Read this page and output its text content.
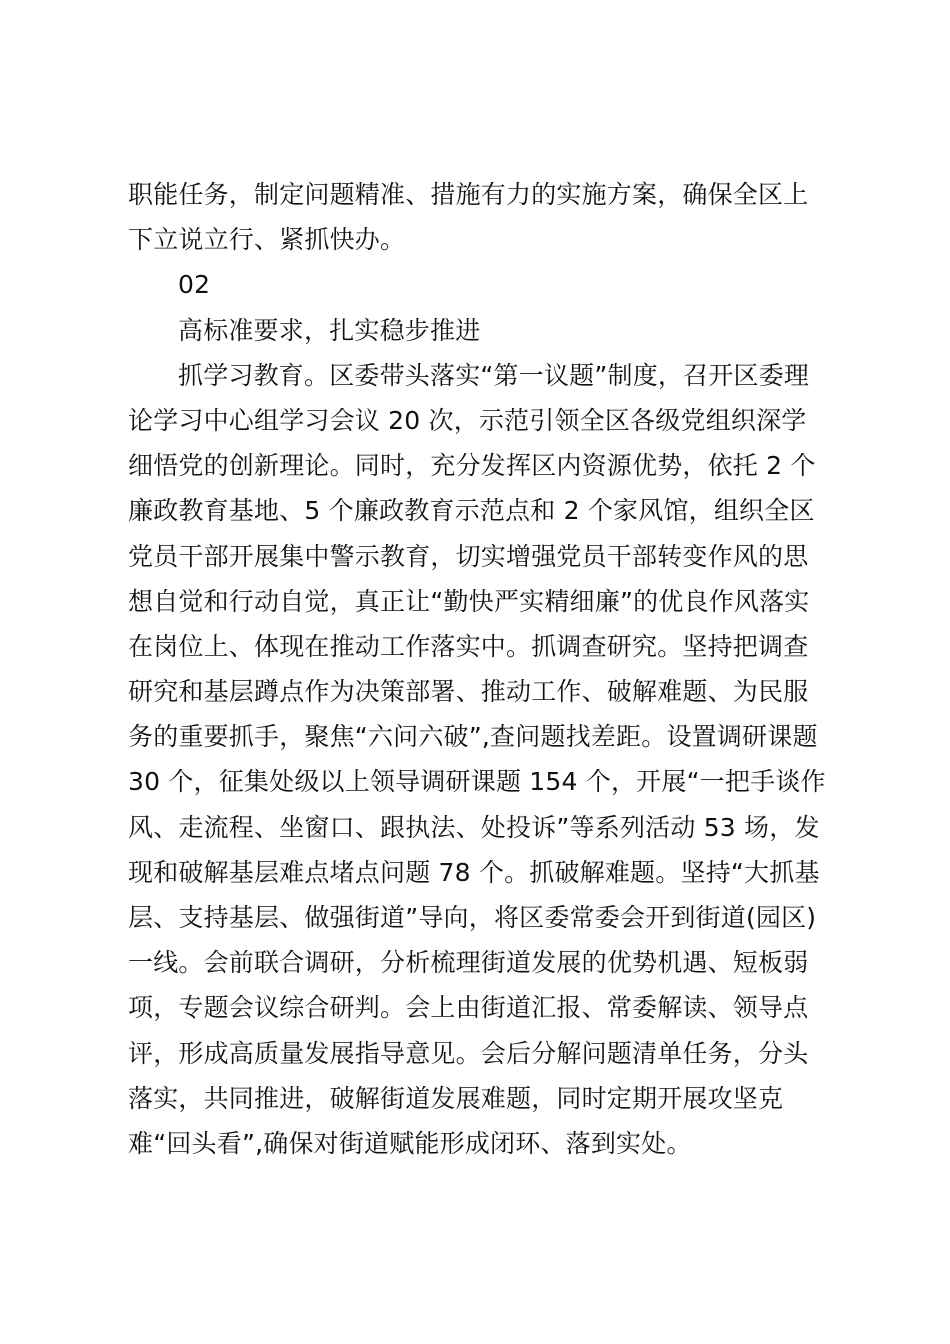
职能任务，制定问题精准、措施有力的实施方案，确保全区上
下立说立行、紧抓快办。
02
高标准要求，扎实稳步推进
抓学习教育。区委带头落实“第一议题”制度，召开区委理
论学习中心组学习会议 20 次，示范引领全区各级党组织深学
细悟党的创新理论。同时，充分发挥区内资源优势，依托 2 个
廉政教育基地、5 个廉政教育示范点和 2 个家风馆，组织全区
党员干部开展集中警示教育，切实增强党员干部转变作风的思
想自觉和行动自觉，真正让“勤快严实精细廉”的优良作风落实
在岗位上、体现在推动工作落实中。抓调查研究。坚持把调查
研究和基层蹲点作为决策部署、推动工作、破解难题、为民服
务的重要抓手，聚焦“六问六破”,查问题找差距。设置调研课题
30 个，征集处级以上领导调研课题 154 个，开展“一把手谈作
风、走流程、坐窗口、跟执法、处投诉”等系列活动 53 场，发
现和破解基层难点堵点问题 78 个。抓破解难题。坚持“大抓基
层、支持基层、做强街道”导向，将区委常委会开到街道(园区)
一线。会前联合调研，分析梳理街道发展的优势机遇、短板弱
项，专题会议综合研判。会上由街道汇报、常委解读、领导点
评，形成高质量发展指导意见。会后分解问题清单任务，分头
落实，共同推进，破解街道发展难题，同时定期开展攻坚克
难“回头看”,确保对街道赋能形成闭环、落到实处。
